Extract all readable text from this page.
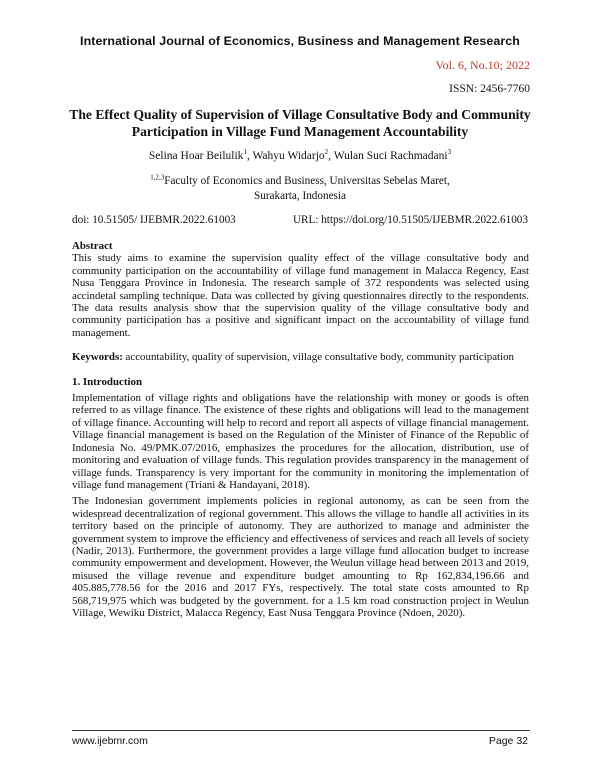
International Journal of Economics, Business and Management Research
Vol. 6, No.10; 2022
ISSN: 2456-7760
The Effect Quality of Supervision of Village Consultative Body and Community Participation in Village Fund Management Accountability
Selina Hoar Beilulik$^1$, Wahyu Widarjo$^2$, Wulan Suci Rachmadani$^3$
$^{1,2,3}$Faculty of Economics and Business, Universitas Sebelas Maret,
Surakarta, Indonesia
doi: 10.51505/ IJEBMR.2022.61003	URL: https://doi.org/10.51505/IJEBMR.2022.61003
Abstract

This study aims to examine the supervision quality effect of the village consultative body and community participation on the accountability of village fund management in Malacca Regency, East Nusa Tenggara Province in Indonesia. The research sample of 372 respondents was selected using accindetal sampling technique. Data was collected by giving questionnaires directly to the respondents. The data results analysis show that the supervision quality of the village consultative body and community participation has a positive and significant impact on the accountability of village fund management.

Keywords: accountability, quality of supervision, village consultative body, community participation

1. Introduction

Implementation of village rights and obligations have the relationship with money or goods is often referred to as village finance. The existence of these rights and obligations will lead to the management of village finance. Accounting will help to record and report all aspects of village financial management. Village financial management is based on the Regulation of the Minister of Finance of the Republic of Indonesia No. 49/PMK.07/2016, emphasizes the procedures for the allocation, distribution, use of monitoring and evaluation of village funds. This regulation provides transparency in the management of village funds. Transparency is very important for the community in monitoring the implementation of village fund management (Triani & Handayani, 2018).

The Indonesian government implements policies in regional autonomy, as can be seen from the widespread decentralization of regional government. This allows the village to handle all activities in its territory based on the principle of autonomy. They are authorized to manage and administer the government system to improve the efficiency and effectiveness of services and reach all levels of society (Nadir, 2013). Furthermore, the government provides a large village fund allocation budget to increase community empowerment and development. However, the Weulun village head between 2013 and 2019, misused the village revenue and expenditure budget amounting to Rp 162,834,196.66 and 405.885,778.56 for the 2016 and 2017 FYs, respectively. The total state costs amounted to Rp 568,719,975 which was budgeted by the government. for a 1.5 km road construction project in Weulun Village, Wewiku District, Malacca Regency, East Nusa Tenggara Province (Ndoen, 2020).

www.ijebmr.com	Page 32
